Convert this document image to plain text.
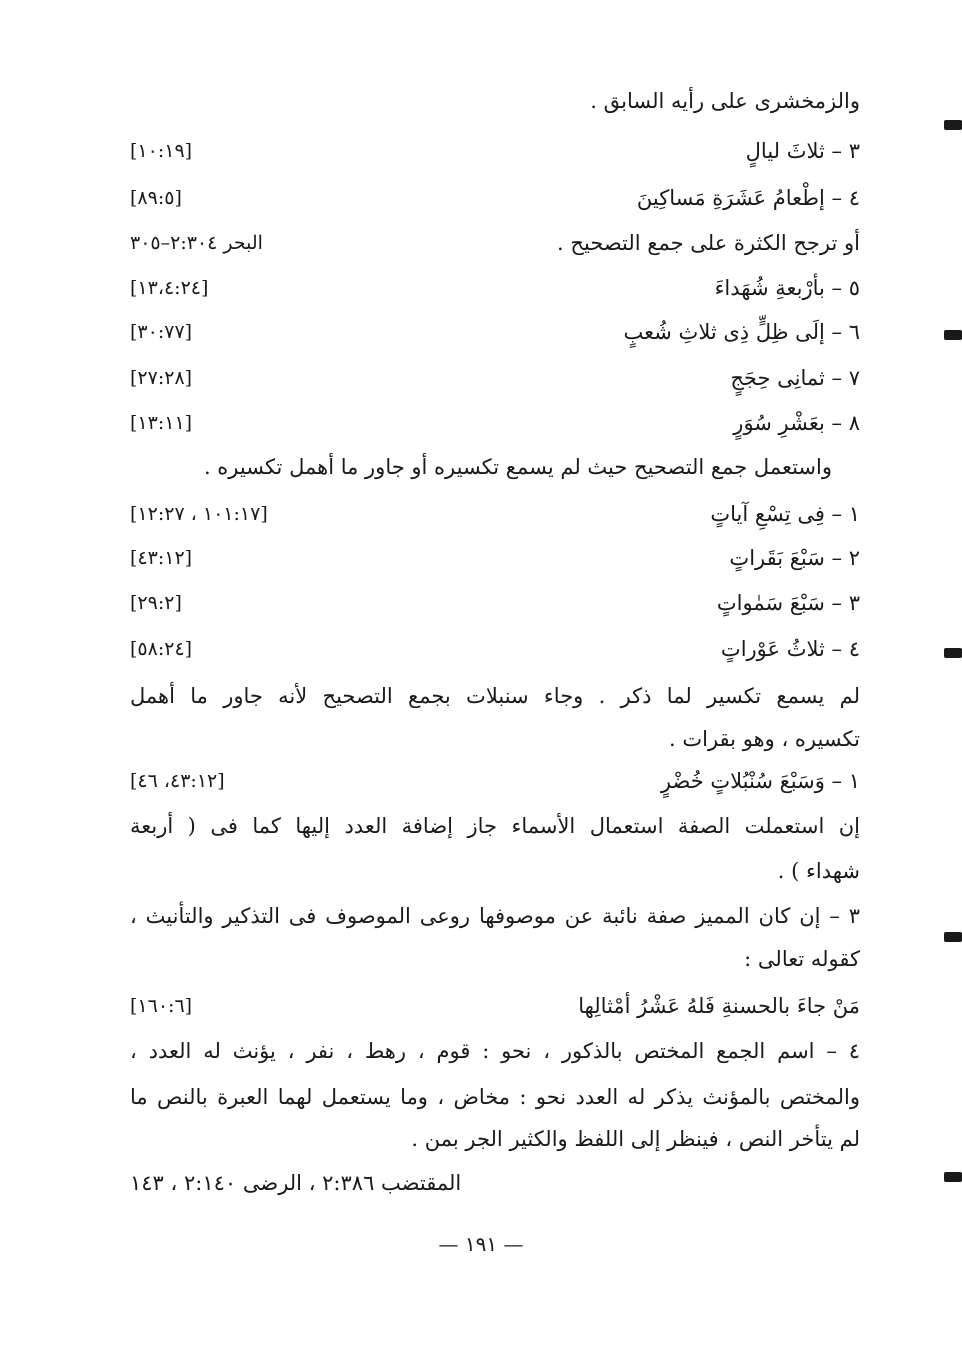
والزمخشرى على رأيه السابق .
[١٠:١٩]	٣ – ثلاثَ ليالٍ
[٨٩:٥]	٤ – إطْعامُ عَشَرَةِ مَساكِينَ
البحر ٢:٣٠٤–٣٠٥	أو ترجح الكثرة على جمع التصحيح .
[١٣،٤:٢٤]	٥ – بأرْبعةِ شُهَداءَ
[٣٠:٧٧]	٦ – إلَى ظِلٍّ ذِى ثلاثِ شُعبٍ
[٢٧:٢٨]	٧ – ثمانِى حِجَجٍ
[١٣:١١]	٨ – بعَشْرِ سُوَرٍ
واستعمل جمع التصحيح حيث لم يسمع تكسيره أو جاور ما أهمل تكسيره .
[١٠١:١٧ ، ١٢:٢٧]	١ – فِى تِسْعِ آياتٍ
[٤٣:١٢]	٢ – سَبْعَ بَقَراتٍ
[٢٩:٢]	٣ – سَبْعَ سَمٰواتٍ
[٥٨:٢٤]	٤ – ثلاثُ عَوْراتٍ
لم يسمع تكسير لما ذكر . وجاء سنبلات بجمع التصحيح لأنه جاور ما أهمل
تكسيره ، وهو بقرات .
[٤٣:١٢، ٤٦]	١ – وَسَبْعَ سُنْبُلاتٍ خُضْرٍ
إن استعملت الصفة استعمال الأسماء جاز إضافة العدد إليها كما فى ( أربعة
شهداء ) .
٣ – إن كان المميز صفة نائبة عن موصوفها روعى الموصوف فى التذكير والتأنيث ،
كقوله تعالى :
[١٦٠:٦]	مَنْ جاءَ بالحسنةِ فَلهُ عَشْرُ أمْثالِها
٤ – اسم الجمع المختص بالذكور ، نحو : قوم ، رهط ، نفر ، يؤنث له العدد ،
والمختص بالمؤنث يذكر له العدد نحو : مخاض ، وما يستعمل لهما العبرة بالنص ما
لم يتأخر النص ، فينظر إلى اللفظ والكثير الجر بمن .
المقتضب ٢:٣٨٦ ، الرضى ٢:١٤٠ ، ١٤٣
— ١٩١ —
